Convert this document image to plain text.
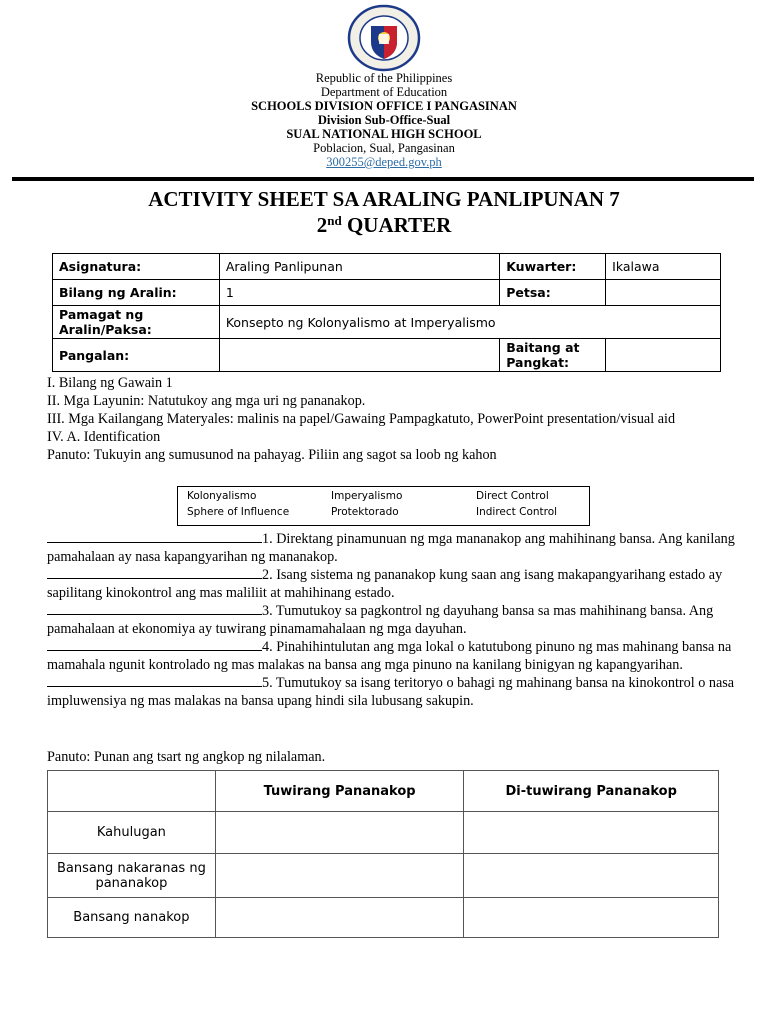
Republic of the Philippines
Department of Education
SCHOOLS DIVISION OFFICE I PANGASINAN
Division Sub-Office-Sual
SUAL NATIONAL HIGH SCHOOL
Poblacion, Sual, Pangasinan
300255@deped.gov.ph
ACTIVITY SHEET SA ARALING PANLIPUNAN 7
2nd QUARTER
Asignatura:	Araling Panlipunan	Kuwarter:	Ikalawa
Bilang ng Aralin:	1	Petsa:	
Pamagat ng Aralin/Paksa:	Konsepto ng Kolonyalismo at Imperyalismo		
Pangalan:		Baitang at Pangkat:	

I. Bilang ng Gawain 1

II. Mga Layunin: Natutukoy ang mga uri ng pananakop.

III. Mga Kailangang Materyales: malinis na papel/Gawaing Pampagkatuto, PowerPoint presentation/visual aid

IV. A. Identification

Panuto: Tukuyin ang sumusunod na pahayag. Piliin ang sagot sa loob ng kahon

Kolonyalismo	Imperyalismo	Direct Control
Sphere of Influence	Protektorado	Indirect Control

1. Direktang pinamunuan ng mga mananakop ang mahihinang bansa. Ang kanilang pamahalaan ay nasa kapangyarihan ng mananakop.

2. Isang sistema ng pananakop kung saan ang isang makapangyarihang estado ay sapilitang kinokontrol ang mas maliliit at mahihinang estado.

3. Tumutukoy sa pagkontrol ng dayuhang bansa sa mas mahihinang bansa. Ang pamahalaan at ekonomiya ay tuwirang pinamamahalaan ng mga dayuhan.

4. Pinahihintulutan ang mga lokal o katutubong pinuno ng mas mahinang bansa na mamahala ngunit kontrolado ng mas malakas na bansa ang mga pinuno na kanilang binigyan ng kapangyarihan.

5. Tumutukoy sa isang teritoryo o bahagi ng mahinang bansa na kinokontrol o nasa impluwensiya ng mas malakas na bansa upang hindi sila lubusang sakupin.

Panuto: Punan ang tsart ng angkop ng nilalaman.
	Tuwirang Pananakop	Di-tuwirang Pananakop
Kahulugan		
Bansang nakaranas ng pananakop		
Bansang nanakop		
